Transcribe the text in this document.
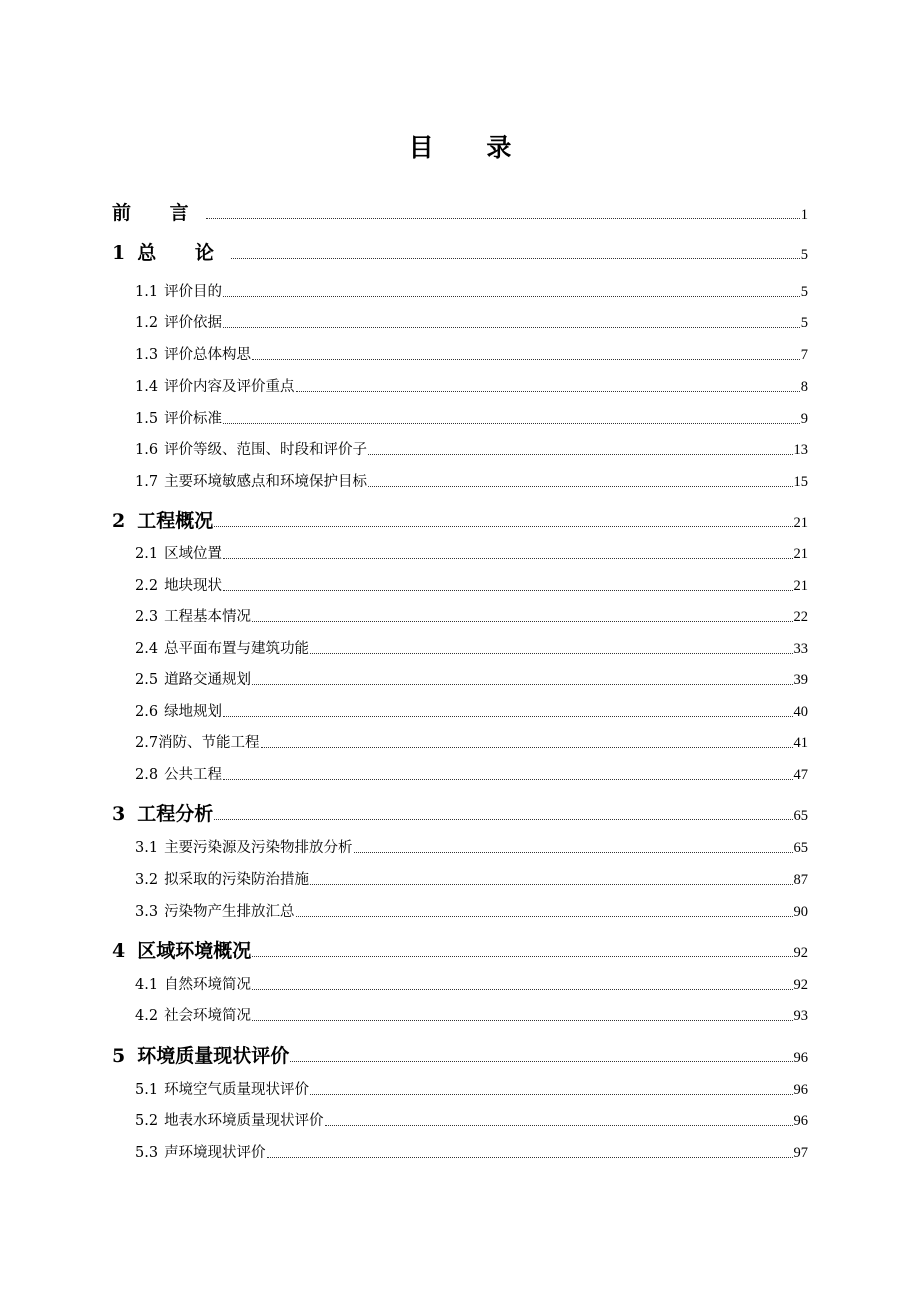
目 录
前 言	1
1 总 论	5
1.1 评价目的	5
1.2 评价依据	5
1.3 评价总体构思	7
1.4 评价内容及评价重点	8
1.5 评价标准	9
1.6 评价等级、范围、时段和评价子	13
1.7 主要环境敏感点和环境保护目标	15
2 工程概况	21
2.1 区域位置	21
2.2 地块现状	21
2.3 工程基本情况	22
2.4 总平面布置与建筑功能	33
2.5 道路交通规划	39
2.6 绿地规划	40
2.7消防、节能工程	41
2.8 公共工程	47
3 工程分析	65
3.1 主要污染源及污染物排放分析	65
3.2 拟采取的污染防治措施	87
3.3 污染物产生排放汇总	90
4 区域环境概况	92
4.1 自然环境简况	92
4.2 社会环境简况	93
5 环境质量现状评价	96
5.1 环境空气质量现状评价	96
5.2 地表水环境质量现状评价	96
5.3 声环境现状评价	97
